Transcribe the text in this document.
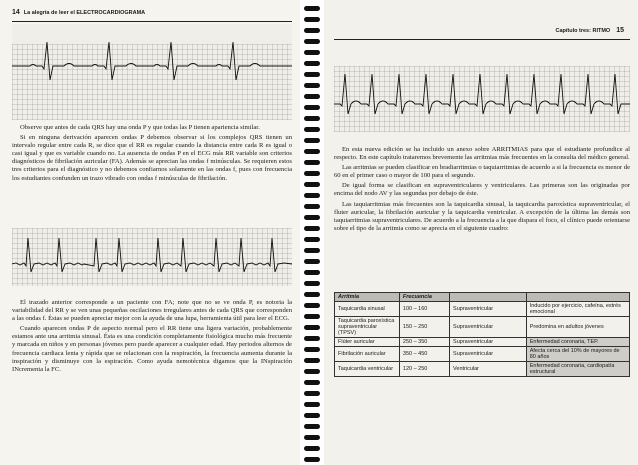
14 La alegría de leer el ELECTROCARDIOGRAMA

Observe que antes de cada QRS hay una onda P y que todas las P tienen apariencia similar.

Si en ninguna derivación aparecen ondas P debemos observar si los complejos QRS tienen un intervalo regular entre cada R, se dice que el RR es regular cuando la distancia entre cada R es igual o casi igual y que es variable cuando no. La ausencia de ondas P en el ECG más RR variable son criterios diagnósticos de fibrilación auricular (FA). Además se aprecian las ondas f minúsculas. Se requieren estos tres criterios para el diagnóstico y no debemos confiarnos solamente en las ondas f, pues con frecuencia los estudiantes confunden un trazo vibrado con ondas f minúsculas de fibrilación.

El trazado anterior corresponde a un paciente con FA; note que no se ve onda P, es notoria la variabilidad del RR y se ven unas pequeñas oscilaciones irregulares antes de cada QRS que corresponden a las ondas f. Éstas se pueden apreciar mejor con la ayuda de una lupa, herramienta útil para leer el ECG.

Cuando aparecen ondas P de aspecto normal pero el RR tiene una ligera variación, probablemente estamos ante una arritmia sinusal. Ésta es una condición completamente fisiológica mucho más frecuente y marcada en niños y en personas jóvenes pero puede aparecer a cualquier edad. Hay periodos alternos de frecuencia cardiaca lenta y rápida que se relacionan con la respiración, la frecuencia aumenta durante la inspiración y disminuye con la espiración. Como ayuda nemotécnica digamos que la INspiración INcrementa la FC.

Capítulo tres: RITMO 15

En esta nueva edición se ha incluido un anexo sobre ARRITMIAS para que el estudiante profundice al respecto. En este capítulo trataremos brevemente las arritmias más frecuentes en la consulta del médico general.

Las arritmias se pueden clasificar en bradiarritmias o taquiarritmias de acuerdo a si la frecuencia es menor de 60 en el primer caso o mayor de 100 para el segundo.

De igual forma se clasifican en supraventriculares y ventriculares. Las primeras son las originadas por encima del nodo AV y las segundas por debajo de éste.

Las taquiarritmias más frecuentes son la taquicardia sinusal, la taquicardia paroxística supraventricular, el fluter auricular, la fibrilación auricular y la taquicardia ventricular. A excepción de la última las demás son taquiarritmias supraventriculares. De acuerdo a la frecuencia a la que dispara el foco, el clínico puede orientarse sobre el tipo de la arritmia como se aprecia en el siguiente cuadro:

Arritmia	Frecuencia		
Taquicardia sinusal	100 – 160	Supraventricular	Inducido por ejercicio, cafeína, estrés emocional
Taquicardia paroxística supraventricular (TPSV)	150 – 250	Supraventricular	Predomina en adultos jóvenes
Flúter auricular	250 – 350	Supraventricular	Enfermedad coronaria, TEP.
Fibrilación auricular	350 – 450	Supraventricular	Afecta cerca del 10% de mayores de 80 años
Taquicardia ventricular	120 – 250	Ventricular	Enfermedad coronaria, cardiopatía estructural
